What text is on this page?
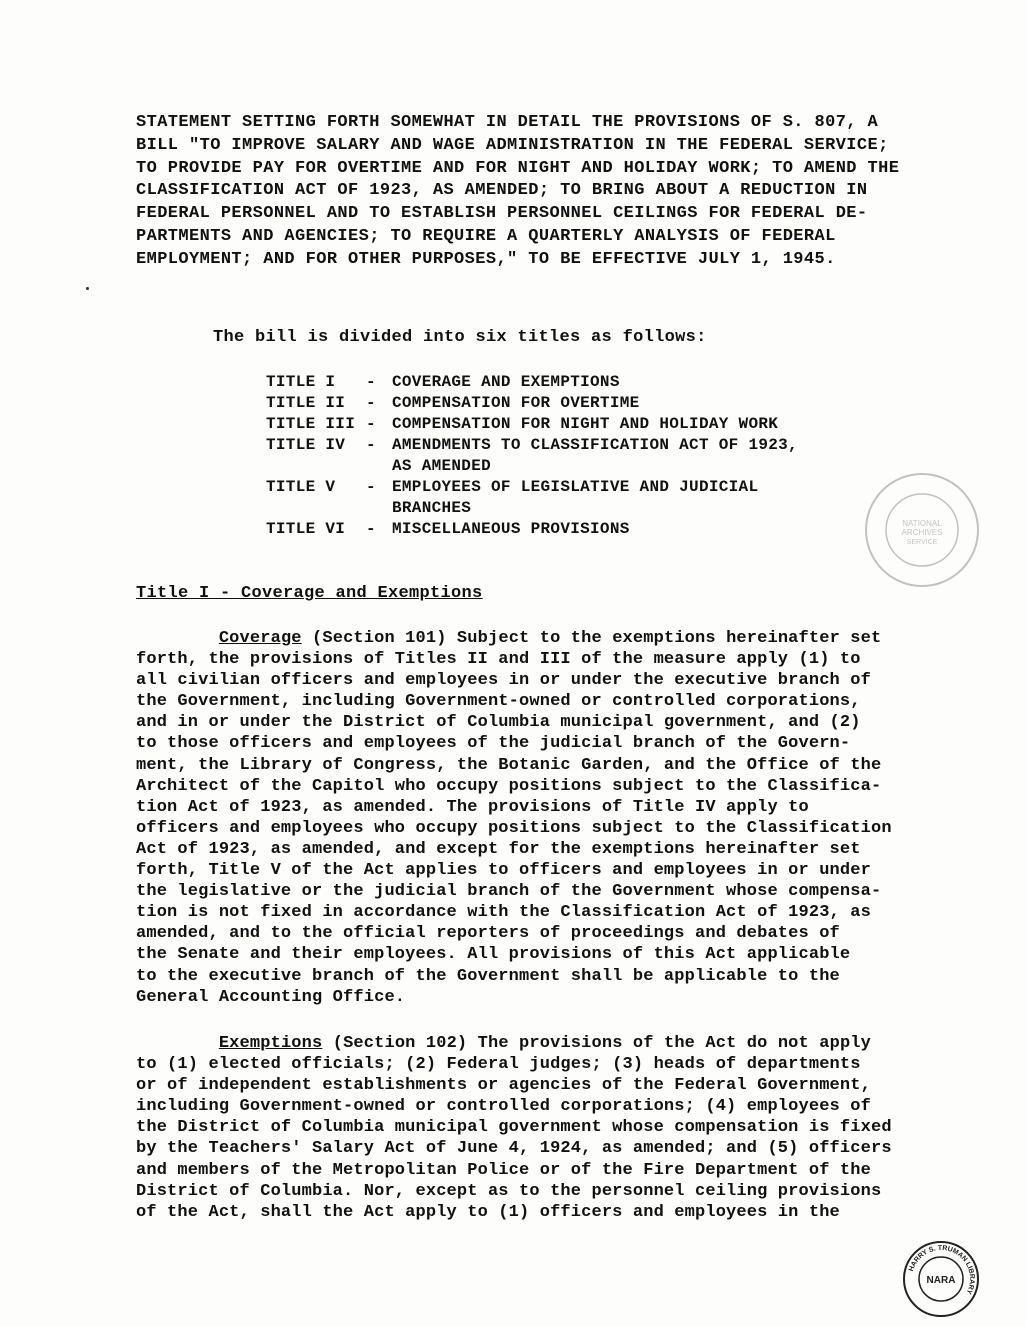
STATEMENT SETTING FORTH SOMEWHAT IN DETAIL THE PROVISIONS OF S. 807, A
BILL "TO IMPROVE SALARY AND WAGE ADMINISTRATION IN THE FEDERAL SERVICE;
TO PROVIDE PAY FOR OVERTIME AND FOR NIGHT AND HOLIDAY WORK; TO AMEND THE
CLASSIFICATION ACT OF 1923, AS AMENDED; TO BRING ABOUT A REDUCTION IN
FEDERAL PERSONNEL AND TO ESTABLISH PERSONNEL CEILINGS FOR FEDERAL DE-
PARTMENTS AND AGENCIES; TO REQUIRE A QUARTERLY ANALYSIS OF FEDERAL
EMPLOYMENT; AND FOR OTHER PURPOSES," TO BE EFFECTIVE JULY 1, 1945.
The bill is divided into six titles as follows:
TITLE I	-	COVERAGE AND EXEMPTIONS
TITLE II	-	COMPENSATION FOR OVERTIME
TITLE III -	COMPENSATION FOR NIGHT AND HOLIDAY WORK
TITLE IV	-	AMENDMENTS TO CLASSIFICATION ACT OF 1923,
AS AMENDED
TITLE V	-	EMPLOYEES OF LEGISLATIVE AND JUDICIAL
BRANCHES
TITLE VI	-	MISCELLANEOUS PROVISIONS
Title I - Coverage and Exemptions
Coverage (Section 101) Subject to the exemptions hereinafter set
forth, the provisions of Titles II and III of the measure apply (1) to
all civilian officers and employees in or under the executive branch of
the Government, including Government-owned or controlled corporations,
and in or under the District of Columbia municipal government, and (2)
to those officers and employees of the judicial branch of the Govern-
ment, the Library of Congress, the Botanic Garden, and the Office of the
Architect of the Capitol who occupy positions subject to the Classifica-
tion Act of 1923, as amended. The provisions of Title IV apply to
officers and employees who occupy positions subject to the Classification
Act of 1923, as amended, and except for the exemptions hereinafter set
forth, Title V of the Act applies to officers and employees in or under
the legislative or the judicial branch of the Government whose compensa-
tion is not fixed in accordance with the Classification Act of 1923, as
amended, and to the official reporters of proceedings and debates of
the Senate and their employees. All provisions of this Act applicable
to the executive branch of the Government shall be applicable to the
General Accounting Office.
Exemptions (Section 102) The provisions of the Act do not apply
to (1) elected officials; (2) Federal judges; (3) heads of departments
or of independent establishments or agencies of the Federal Government,
including Government-owned or controlled corporations; (4) employees of
the District of Columbia municipal government whose compensation is fixed
by the Teachers' Salary Act of June 4, 1924, as amended; and (5) officers
and members of the Metropolitan Police or of the Fire Department of the
District of Columbia. Nor, except as to the personnel ceiling provisions
of the Act, shall the Act apply to (1) officers and employees in the
NATIONAL
ARCHIVES
SERVICE
HARRY S. TRUMAN LIBRARY
NARA
